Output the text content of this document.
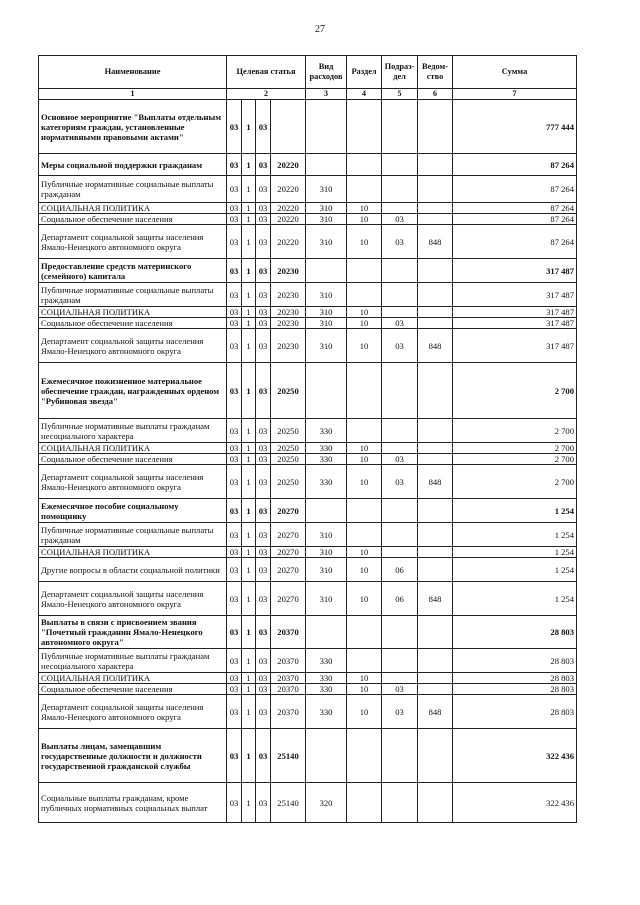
27
Наименование	Целевая статья				Вид расходов	Раздел	Подраз-дел	Ведом-ство	Сумма
1	2				3	4	5	6	7
Основное мероприятие "Выплаты отдельным категориям граждан, установленные нормативными правовыми актами"	03	1	03						777 444
Меры социальной поддержки гражданам	03	1	03	20220					87 264
Публичные нормативные социальные выплаты гражданам	03	1	03	20220	310				87 264
СОЦИАЛЬНАЯ ПОЛИТИКА	03	1	03	20220	310	10			87 264
Социальное обеспечение населения	03	1	03	20220	310	10	03		87 264
Департамент социальной защиты населения Ямало-Ненецкого автономного округа	03	1	03	20220	310	10	03	848	87 264
Предоставление средств материнского (семейного) капитала	03	1	03	20230					317 487
Публичные нормативные социальные выплаты гражданам	03	1	03	20230	310				317 487
СОЦИАЛЬНАЯ ПОЛИТИКА	03	1	03	20230	310	10			317 487
Социальное обеспечение населения	03	1	03	20230	310	10	03		317 487
Департамент социальной защиты населения Ямало-Ненецкого автономного округа	03	1	03	20230	310	10	03	848	317 487
Ежемесячное пожизненное материальное обеспечение граждан, награжденных орденом "Рубиновая звезда"	03	1	03	20250					2 700
Публичные нормативные выплаты гражданам несоциального характера	03	1	03	20250	330				2 700
СОЦИАЛЬНАЯ ПОЛИТИКА	03	1	03	20250	330	10			2 700
Социальное обеспечение населения	03	1	03	20250	330	10	03		2 700
Департамент социальной защиты населения Ямало-Ненецкого автономного округа	03	1	03	20250	330	10	03	848	2 700
Ежемесячное пособие социальному помощнику	03	1	03	20270					1 254
Публичные нормативные социальные выплаты гражданам	03	1	03	20270	310				1 254
СОЦИАЛЬНАЯ ПОЛИТИКА	03	1	03	20270	310	10			1 254
Другие вопросы в области социальной политики	03	1	03	20270	310	10	06		1 254
Департамент социальной защиты населения Ямало-Ненецкого автономного округа	03	1	03	20270	310	10	06	848	1 254
Выплаты в связи с присвоением звания "Почетный гражданин Ямало-Ненецкого автономного округа"	03	1	03	20370					28 803
Публичные нормативные выплаты гражданам несоциального характера	03	1	03	20370	330				28 803
СОЦИАЛЬНАЯ ПОЛИТИКА	03	1	03	20370	330	10			28 803
Социальное обеспечение населения	03	1	03	20370	330	10	03		28 803
Департамент социальной защиты населения Ямало-Ненецкого автономного округа	03	1	03	20370	330	10	03	848	28 803
Выплаты лицам, замещавшим государственные должности и должности государственной гражданской службы	03	1	03	25140					322 436
Социальные выплаты гражданам, кроме публичных нормативных социальных выплат	03	1	03	25140	320				322 436
